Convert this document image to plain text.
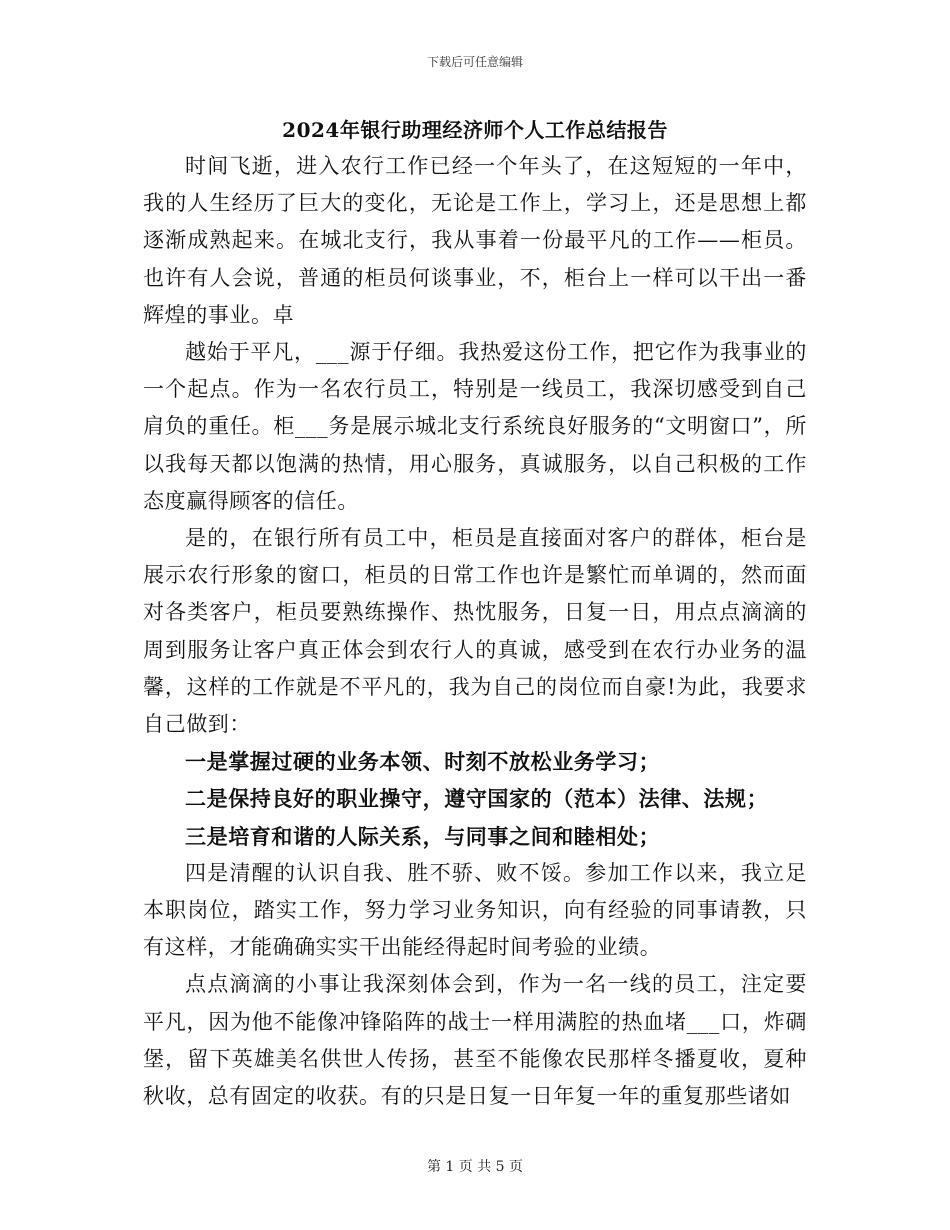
下载后可任意编辑
2024年银行助理经济师个人工作总结报告

时间飞逝，进入农行工作已经一个年头了，在这短短的一年中，我的人生经历了巨大的变化，无论是工作上，学习上，还是思想上都逐渐成熟起来。在城北支行，我从事着一份最平凡的工作——柜员。也许有人会说，普通的柜员何谈事业，不，柜台上一样可以干出一番辉煌的事业。卓

越始于平凡，___源于仔细。我热爱这份工作，把它作为我事业的一个起点。作为一名农行员工，特别是一线员工，我深切感受到自己肩负的重任。柜___务是展示城北支行系统良好服务的“文明窗口”，所以我每天都以饱满的热情，用心服务，真诚服务，以自己积极的工作态度赢得顾客的信任。

是的，在银行所有员工中，柜员是直接面对客户的群体，柜台是展示农行形象的窗口，柜员的日常工作也许是繁忙而单调的，然而面对各类客户，柜员要熟练操作、热忱服务，日复一日，用点点滴滴的周到服务让客户真正体会到农行人的真诚，感受到在农行办业务的温馨，这样的工作就是不平凡的，我为自己的岗位而自豪!为此，我要求自己做到：

一是掌握过硬的业务本领、时刻不放松业务学习；

二是保持良好的职业操守，遵守国家的（范本）法律、法规；

三是培育和谐的人际关系，与同事之间和睦相处；

四是清醒的认识自我、胜不骄、败不馁。参加工作以来，我立足本职岗位，踏实工作，努力学习业务知识，向有经验的同事请教，只有这样，才能确确实实干出能经得起时间考验的业绩。

点点滴滴的小事让我深刻体会到，作为一名一线的员工，注定要平凡，因为他不能像冲锋陷阵的战士一样用满腔的热血堵___口，炸碉堡，留下英雄美名供世人传扬，甚至不能像农民那样冬播夏收，夏种秋收，总有固定的收获。有的只是日复一日年复一年的重复那些诸如

第 1 页 共 5 页
